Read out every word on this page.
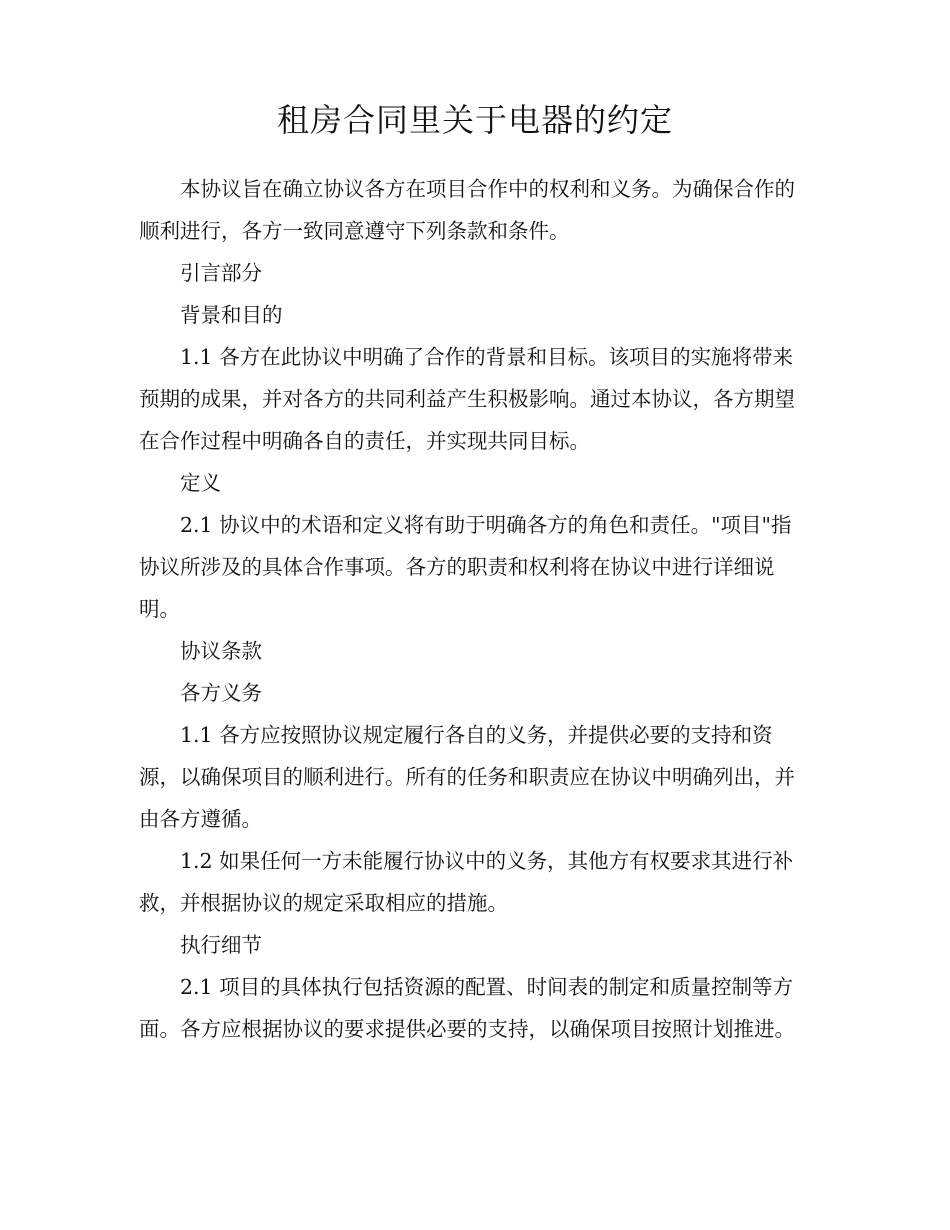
租房合同里关于电器的约定

本协议旨在确立协议各方在项目合作中的权利和义务。为确保合作的顺利进行，各方一致同意遵守下列条款和条件。

引言部分

背景和目的

1.1 各方在此协议中明确了合作的背景和目标。该项目的实施将带来预期的成果，并对各方的共同利益产生积极影响。通过本协议，各方期望在合作过程中明确各自的责任，并实现共同目标。

定义

2.1 协议中的术语和定义将有助于明确各方的角色和责任。"项目"指协议所涉及的具体合作事项。各方的职责和权利将在协议中进行详细说明。

协议条款

各方义务

1.1 各方应按照协议规定履行各自的义务，并提供必要的支持和资源，以确保项目的顺利进行。所有的任务和职责应在协议中明确列出，并由各方遵循。

1.2 如果任何一方未能履行协议中的义务，其他方有权要求其进行补救，并根据协议的规定采取相应的措施。

执行细节

2.1 项目的具体执行包括资源的配置、时间表的制定和质量控制等方面。各方应根据协议的要求提供必要的支持，以确保项目按照计划推进。
